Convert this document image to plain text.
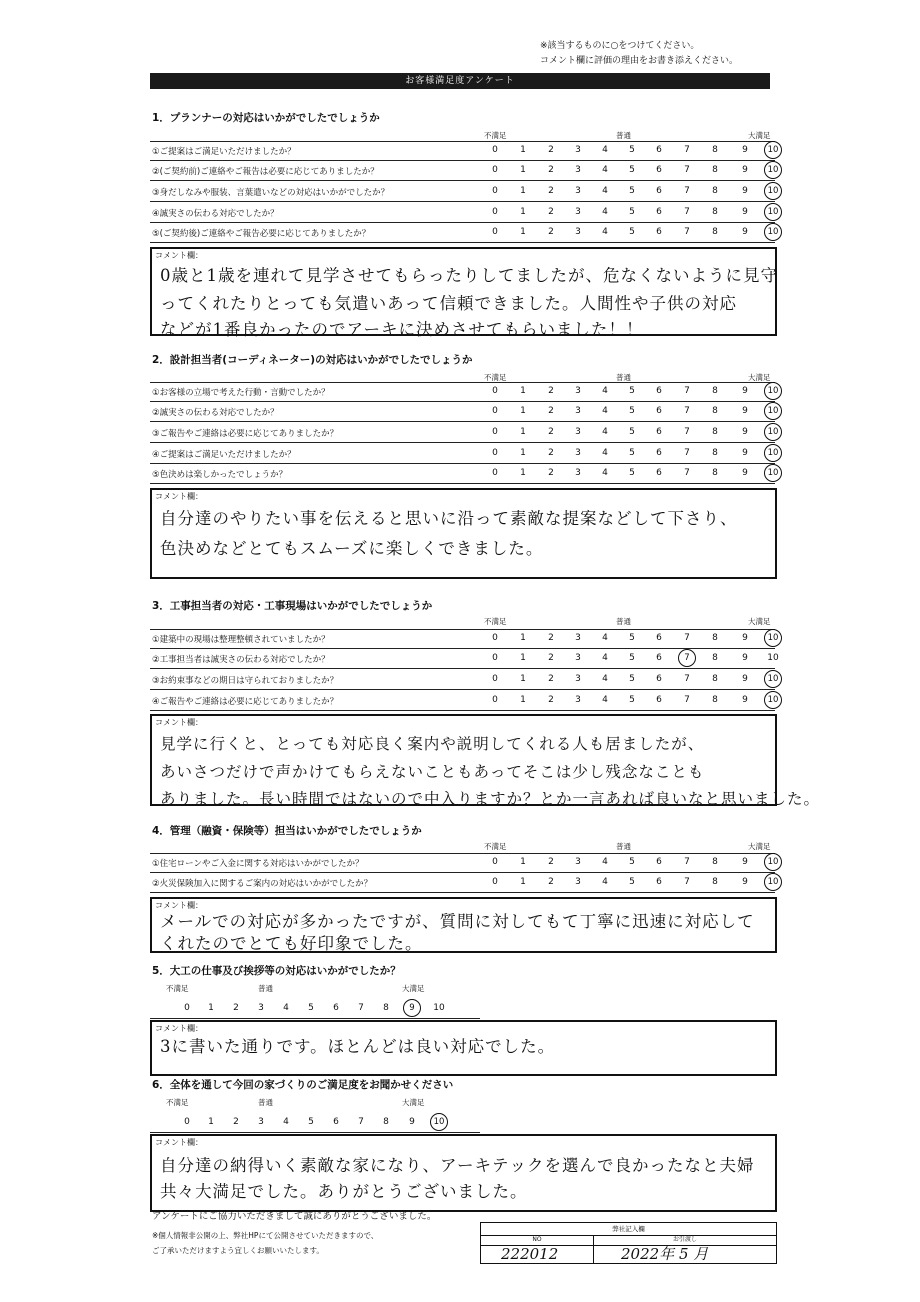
※該当するものに○をつけてください。
コメント欄に評価の理由をお書き添えください。
お客様満足度アンケート
1．プランナーの対応はいかがでしたでしょうか
不満足	普通	大満足
①ご提案はご満足いただけましたか？	0	1	2	3	4	5	6	7	8	9	10
②(ご契約前)ご連絡やご報告は必要に応じてありましたか？	0	1	2	3	4	5	6	7	8	9	10
③身だしなみや服装、言葉遣いなどの対応はいかがでしたか？	0	1	2	3	4	5	6	7	8	9	10
④誠実さの伝わる対応でしたか？	0	1	2	3	4	5	6	7	8	9	10
⑤(ご契約後)ご連絡やご報告必要に応じてありましたか？	0	1	2	3	4	5	6	7	8	9	10
コメント欄：
0歳と1歳を連れて見学させてもらったりしてましたが、危なくないように見守
ってくれたりとっても気遣いあって信頼できました。人間性や子供の対応
などが1番良かったのでアーキに決めさせてもらいました！！
2．設計担当者(コーディネーター)の対応はいかがでしたでしょうか
不満足	普通	大満足
①お客様の立場で考えた行動・言動でしたか？	0	1	2	3	4	5	6	7	8	9	10
②誠実さの伝わる対応でしたか？	0	1	2	3	4	5	6	7	8	9	10
③ご報告やご連絡は必要に応じてありましたか？	0	1	2	3	4	5	6	7	8	9	10
④ご提案はご満足いただけましたか？	0	1	2	3	4	5	6	7	8	9	10
⑤色決めは楽しかったでしょうか？	0	1	2	3	4	5	6	7	8	9	10
コメント欄：
自分達のやりたい事を伝えると思いに沿って素敵な提案などして下さり、
色決めなどとてもスムーズに楽しくできました。
3．工事担当者の対応・工事現場はいかがでしたでしょうか
不満足	普通	大満足
①建築中の現場は整理整頓されていましたか？	0	1	2	3	4	5	6	7	8	9	10
②工事担当者は誠実さの伝わる対応でしたか？	0	1	2	3	4	5	6	7	8	9	10
③お約束事などの期日は守られておりましたか？	0	1	2	3	4	5	6	7	8	9	10
④ご報告やご連絡は必要に応じてありましたか？	0	1	2	3	4	5	6	7	8	9	10
コメント欄：
見学に行くと、とっても対応良く案内や説明してくれる人も居ましたが、
あいさつだけで声かけてもらえないこともあってそこは少し残念なことも
ありました。長い時間ではないので中入りますか？とか一言あれば良いなと思いました。
4．管理（融資・保険等）担当はいかがでしたでしょうか
不満足	普通	大満足
①住宅ローンやご入金に関する対応はいかがでしたか？	0	1	2	3	4	5	6	7	8	9	10
②火災保険加入に関するご案内の対応はいかがでしたか？	0	1	2	3	4	5	6	7	8	9	10
コメント欄：
メールでの対応が多かったですが、質問に対してもて丁寧に迅速に対応して
くれたのでとても好印象でした。
5．大工の仕事及び挨拶等の対応はいかがでしたか？
不満足	普通	大満足
0	1	2	3	4	5	6	7	8	9	10
コメント欄：
3に書いた通りです。ほとんどは良い対応でした。
6．全体を通して今回の家づくりのご満足度をお聞かせください
不満足	普通	大満足
0	1	2	3	4	5	6	7	8	9	10
コメント欄：
自分達の納得いく素敵な家になり、アーキテックを選んで良かったなと夫婦
共々大満足でした。ありがとうございました。
アンケートにご協力いただきまして誠にありがとうございました。
※個人情報非公開の上、弊社HPにて公開させていただきますので、
ご了承いただけますよう宜しくお願いいたします。
弊社記入欄
NO	お引渡し
222012	2022年 5 月
